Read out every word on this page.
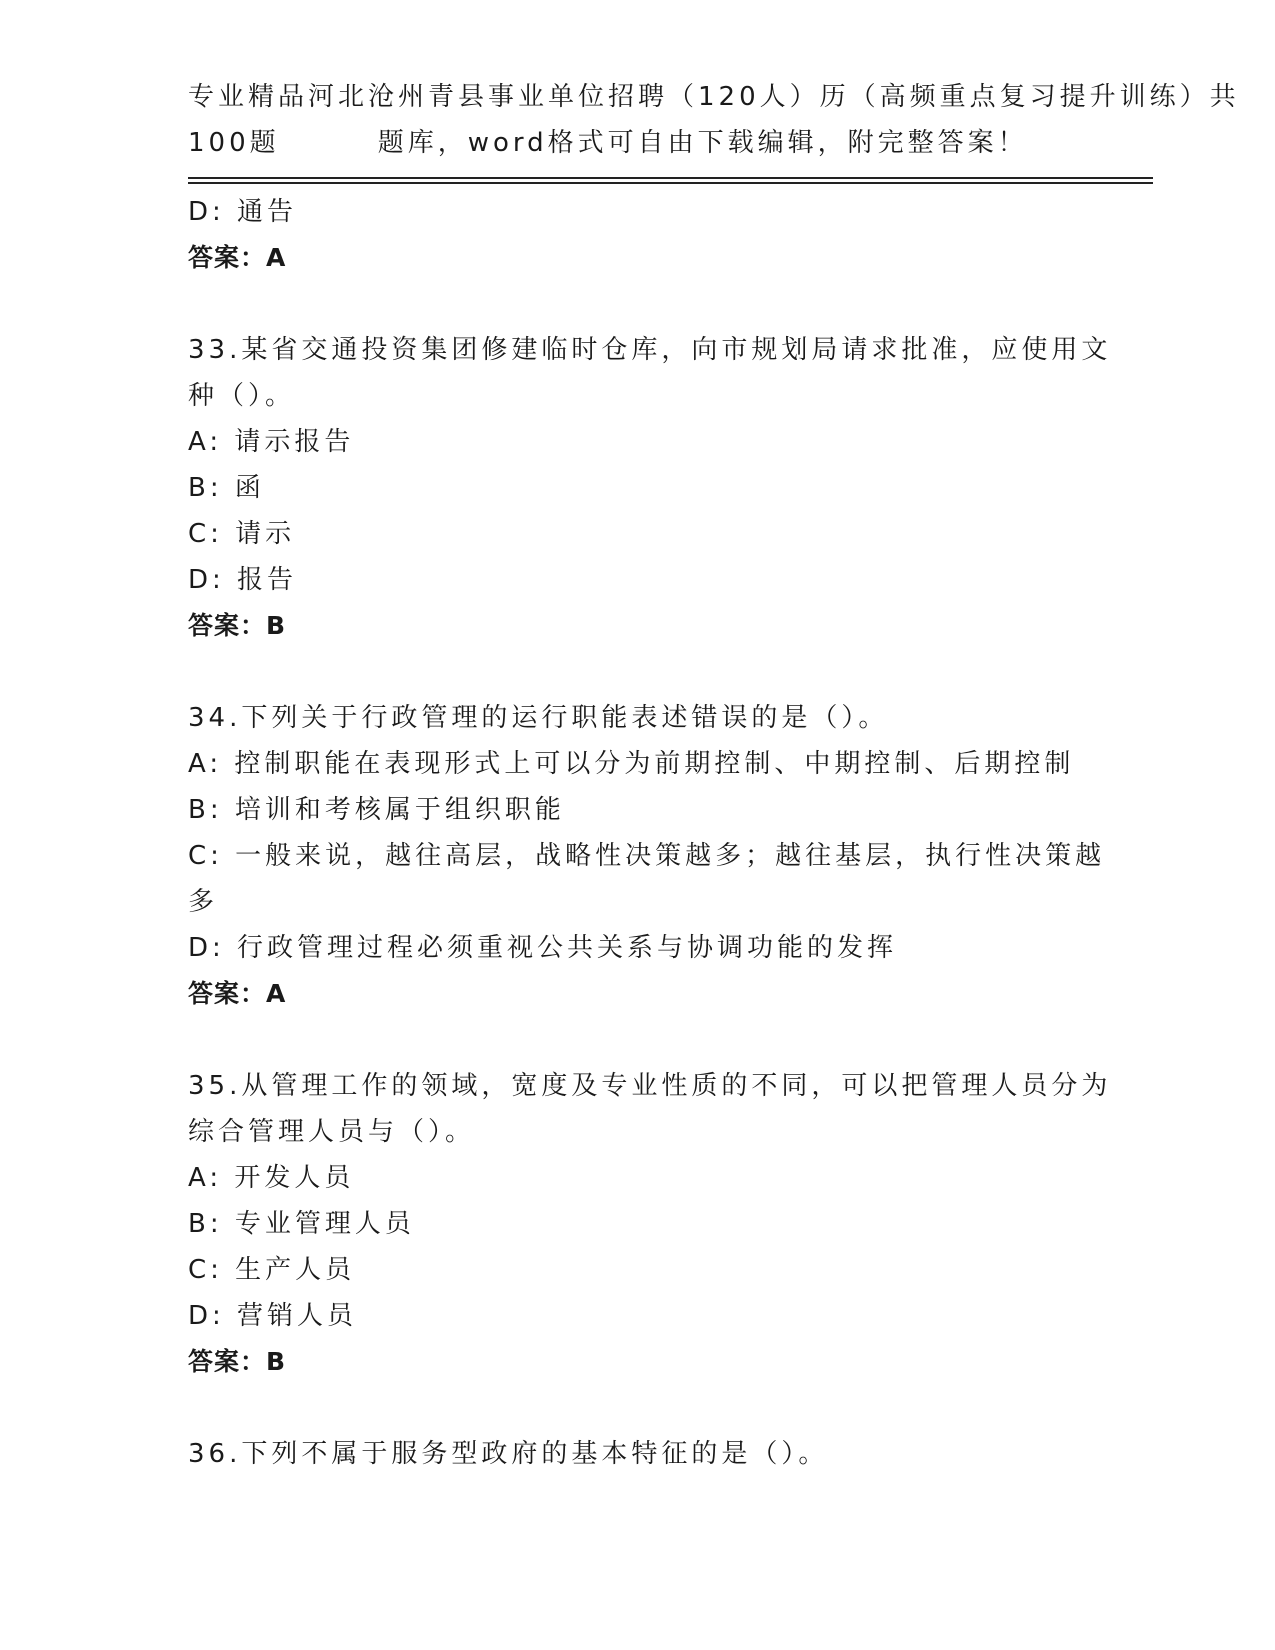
专业精品河北沧州青县事业单位招聘（120人）历（高频重点复习提升训练）共
100题        题库，word格式可自由下载编辑，附完整答案！
D: 通告
答案：A
33.某省交通投资集团修建临时仓库，向市规划局请求批准，应使用文
种（）。
A: 请示报告
B: 函
C: 请示
D: 报告
答案：B
34.下列关于行政管理的运行职能表述错误的是（）。
A: 控制职能在表现形式上可以分为前期控制、中期控制、后期控制
B: 培训和考核属于组织职能
C: 一般来说，越往高层，战略性决策越多；越往基层，执行性决策越
多
D: 行政管理过程必须重视公共关系与协调功能的发挥
答案：A
35.从管理工作的领域，宽度及专业性质的不同，可以把管理人员分为
综合管理人员与（）。
A: 开发人员
B: 专业管理人员
C: 生产人员
D: 营销人员
答案：B
36.下列不属于服务型政府的基本特征的是（）。
